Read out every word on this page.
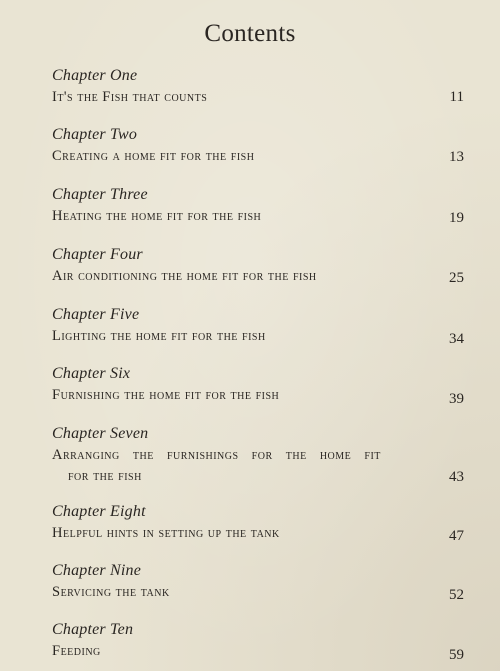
Contents
Chapter One
It's the Fish that counts	11
Chapter Two
Creating a home fit for the fish	13
Chapter Three
Heating the home fit for the fish	19
Chapter Four
Air conditioning the home fit for the fish	25
Chapter Five
Lighting the home fit for the fish	34
Chapter Six
Furnishing the home fit for the fish	39
Chapter Seven
Arranging the furnishings for the home fit
for the fish	43
Chapter Eight
Helpful hints in setting up the tank	47
Chapter Nine
Servicing the tank	52
Chapter Ten
Feeding	59
